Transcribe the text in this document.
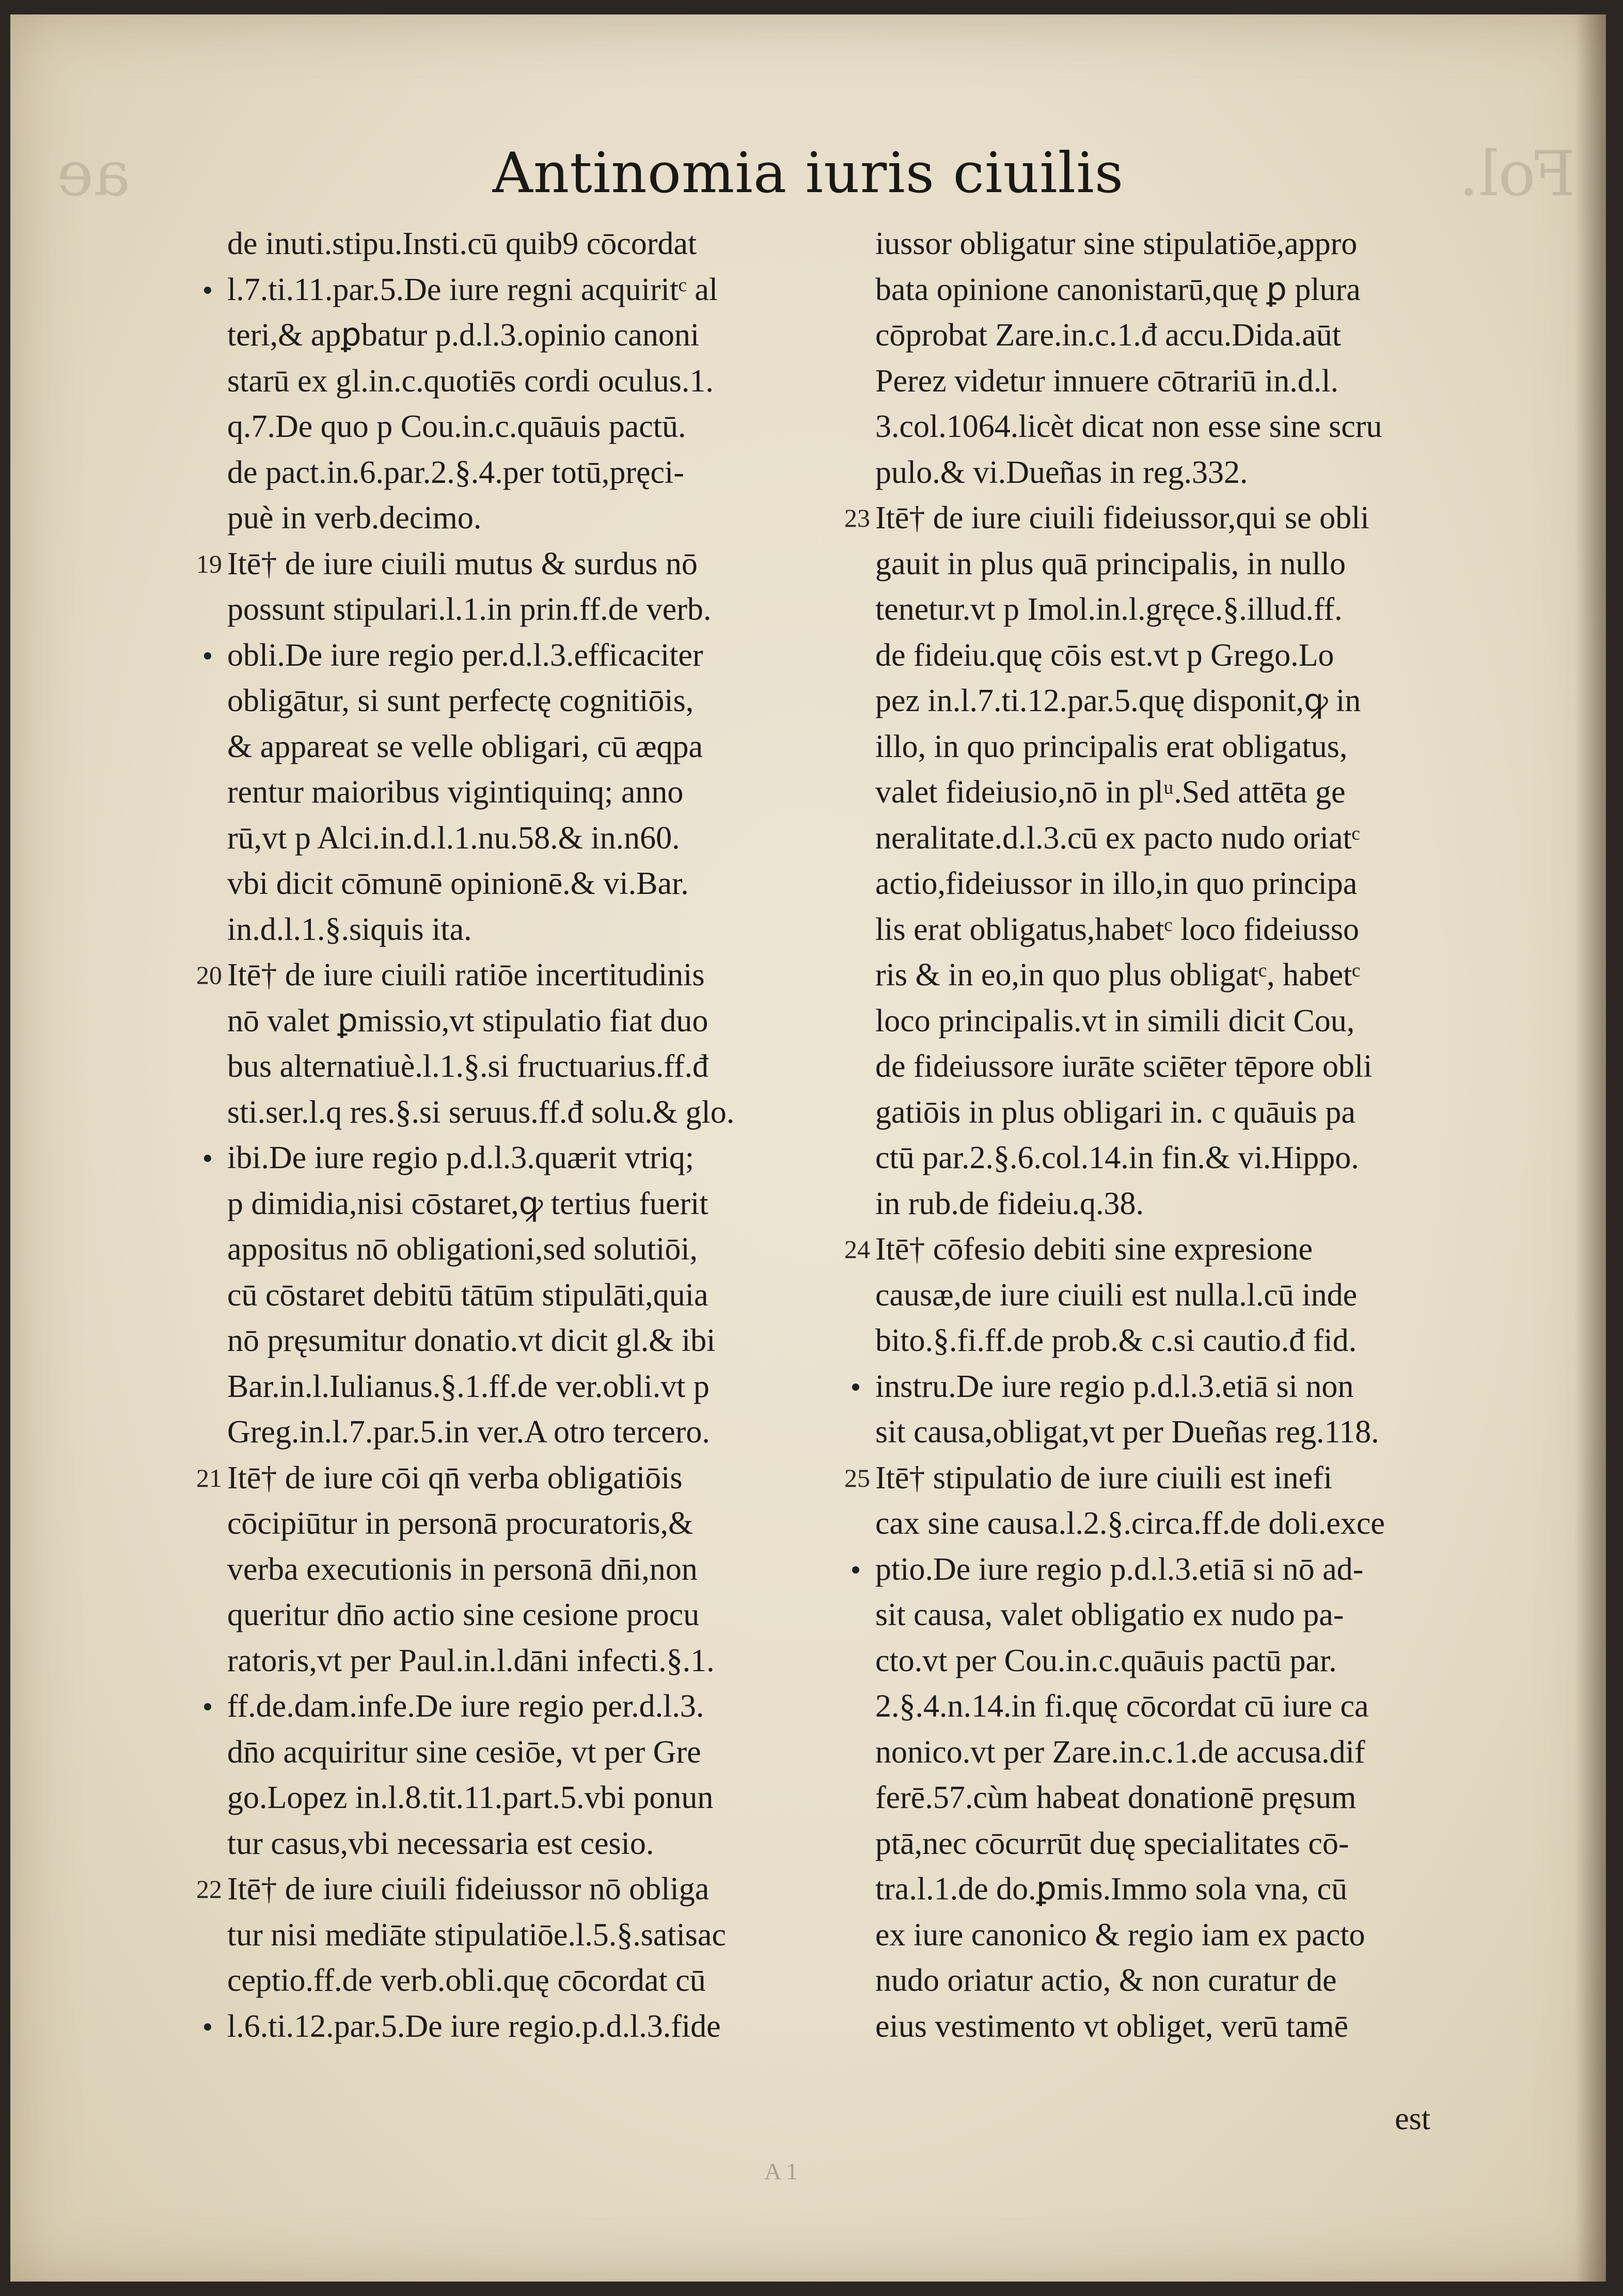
ae	Fol.
Antinomia iuris ciuilis
de inuti.stipu.Insti.cū quib9 cōcordat
l.7.ti.11.par.5.De iure regni acquiritᶜ al
teri,& apꝑbatur p.d.l.3.opinio canoni
starū ex gl.in.c.quotiēs cordi oculus.1.
q.7.De quo p Cou.in.c.quāuis pactū.
de pact.in.6.par.2.§.4.per totū,pręci-
puè in verb.decimo.
19 Itē† de iure ciuili mutus & surdus nō
possunt stipulari.l.1.in prin.ff.de verb.
obli.De iure regio per.d.l.3.efficaciter
obligātur, si sunt perfectę cognitiōis,
& appareat se velle obligari, cū æqpa
rentur maioribus vigintiquinq; anno
rū,vt p Alci.in.d.l.1.nu.58.& in.n60.
vbi dicit cōmunē opinionē.& vi.Bar.
in.d.l.1.§.siquis ita.
20 Itē† de iure ciuili ratiōe incertitudinis
nō valet ꝑmissio,vt stipulatio fiat duo
bus alternatiuè.l.1.§.si fructuarius.ff.đ
sti.ser.l.q res.§.si seruus.ff.đ solu.& glo.
ibi.De iure regio p.d.l.3.quærit vtriq;
p dimidia,nisi cōstaret,ꝙ tertius fuerit
appositus nō obligationi,sed solutiōi,
cū cōstaret debitū tātūm stipulāti,quia
nō pręsumitur donatio.vt dicit gl.& ibi
Bar.in.l.Iulianus.§.1.ff.de ver.obli.vt p
Greg.in.l.7.par.5.in ver.A otro tercero.
21 Itē† de iure cōi qn̄ verba obligatiōis
cōcipiūtur in personā procuratoris,&
verba executionis in personā dn̄i,non
queritur dn̄o actio sine cesione procu
ratoris,vt per Paul.in.l.dāni infecti.§.1.
ff.de.dam.infe.De iure regio per.d.l.3.
dn̄o acquiritur sine cesiōe, vt per Gre
go.Lopez in.l.8.tit.11.part.5.vbi ponun
tur casus,vbi necessaria est cesio.
22 Itē† de iure ciuili fideiussor nō obliga
tur nisi mediāte stipulatiōe.l.5.§.satisac
ceptio.ff.de verb.obli.quę cōcordat cū
l.6.ti.12.par.5.De iure regio.p.d.l.3.fide
iussor obligatur sine stipulatiōe,appro
bata opinione canonistarū,quę ꝑ plura
cōprobat Zare.in.c.1.đ accu.Dida.aūt
Perez videtur innuere cōtrariū in.d.l.
3.col.1064.licèt dicat non esse sine scru
pulo.& vi.Dueñas in reg.332.
23 Itē† de iure ciuili fideiussor,qui se obli
gauit in plus quā principalis, in nullo
tenetur.vt p Imol.in.l.gręce.§.illud.ff.
de fideiu.quę cōis est.vt p Grego.Lo
pez in.l.7.ti.12.par.5.quę disponit,ꝙ in
illo, in quo principalis erat obligatus,
valet fideiusio,nō in plᵘ.Sed attēta ge
neralitate.d.l.3.cū ex pacto nudo oriatᶜ
actio,fideiussor in illo,in quo principa
lis erat obligatus,habetᶜ loco fideiusso
ris & in eo,in quo plus obligatᶜ, habetᶜ
loco principalis.vt in simili dicit Cou,
de fideiussore iurāte sciēter tēpore obli
gatiōis in plus obligari in. c quāuis pa
ctū par.2.§.6.col.14.in fin.& vi.Hippo.
in rub.de fideiu.q.38.
24 Itē† cōfesio debiti sine expresione
causæ,de iure ciuili est nulla.l.cū inde
bito.§.fi.ff.de prob.& c.si cautio.đ fid.
instru.De iure regio p.d.l.3.etiā si non
sit causa,obligat,vt per Dueñas reg.118.
25 Itē† stipulatio de iure ciuili est inefi
cax sine causa.l.2.§.circa.ff.de doli.exce
ptio.De iure regio p.d.l.3.etiā si nō ad-
sit causa, valet obligatio ex nudo pa-
cto.vt per Cou.in.c.quāuis pactū par.
2.§.4.n.14.in fi.quę cōcordat cū iure ca
nonico.vt per Zare.in.c.1.de accusa.dif
ferē.57.cùm habeat donationē pręsum
ptā,nec cōcurrūt duę specialitates cō-
tra.l.1.de do.ꝑmis.Immo sola vna, cū
ex iure canonico & regio iam ex pacto
nudo oriatur actio, & non curatur de
eius vestimento vt obliget, verū tamē
est
A 1
